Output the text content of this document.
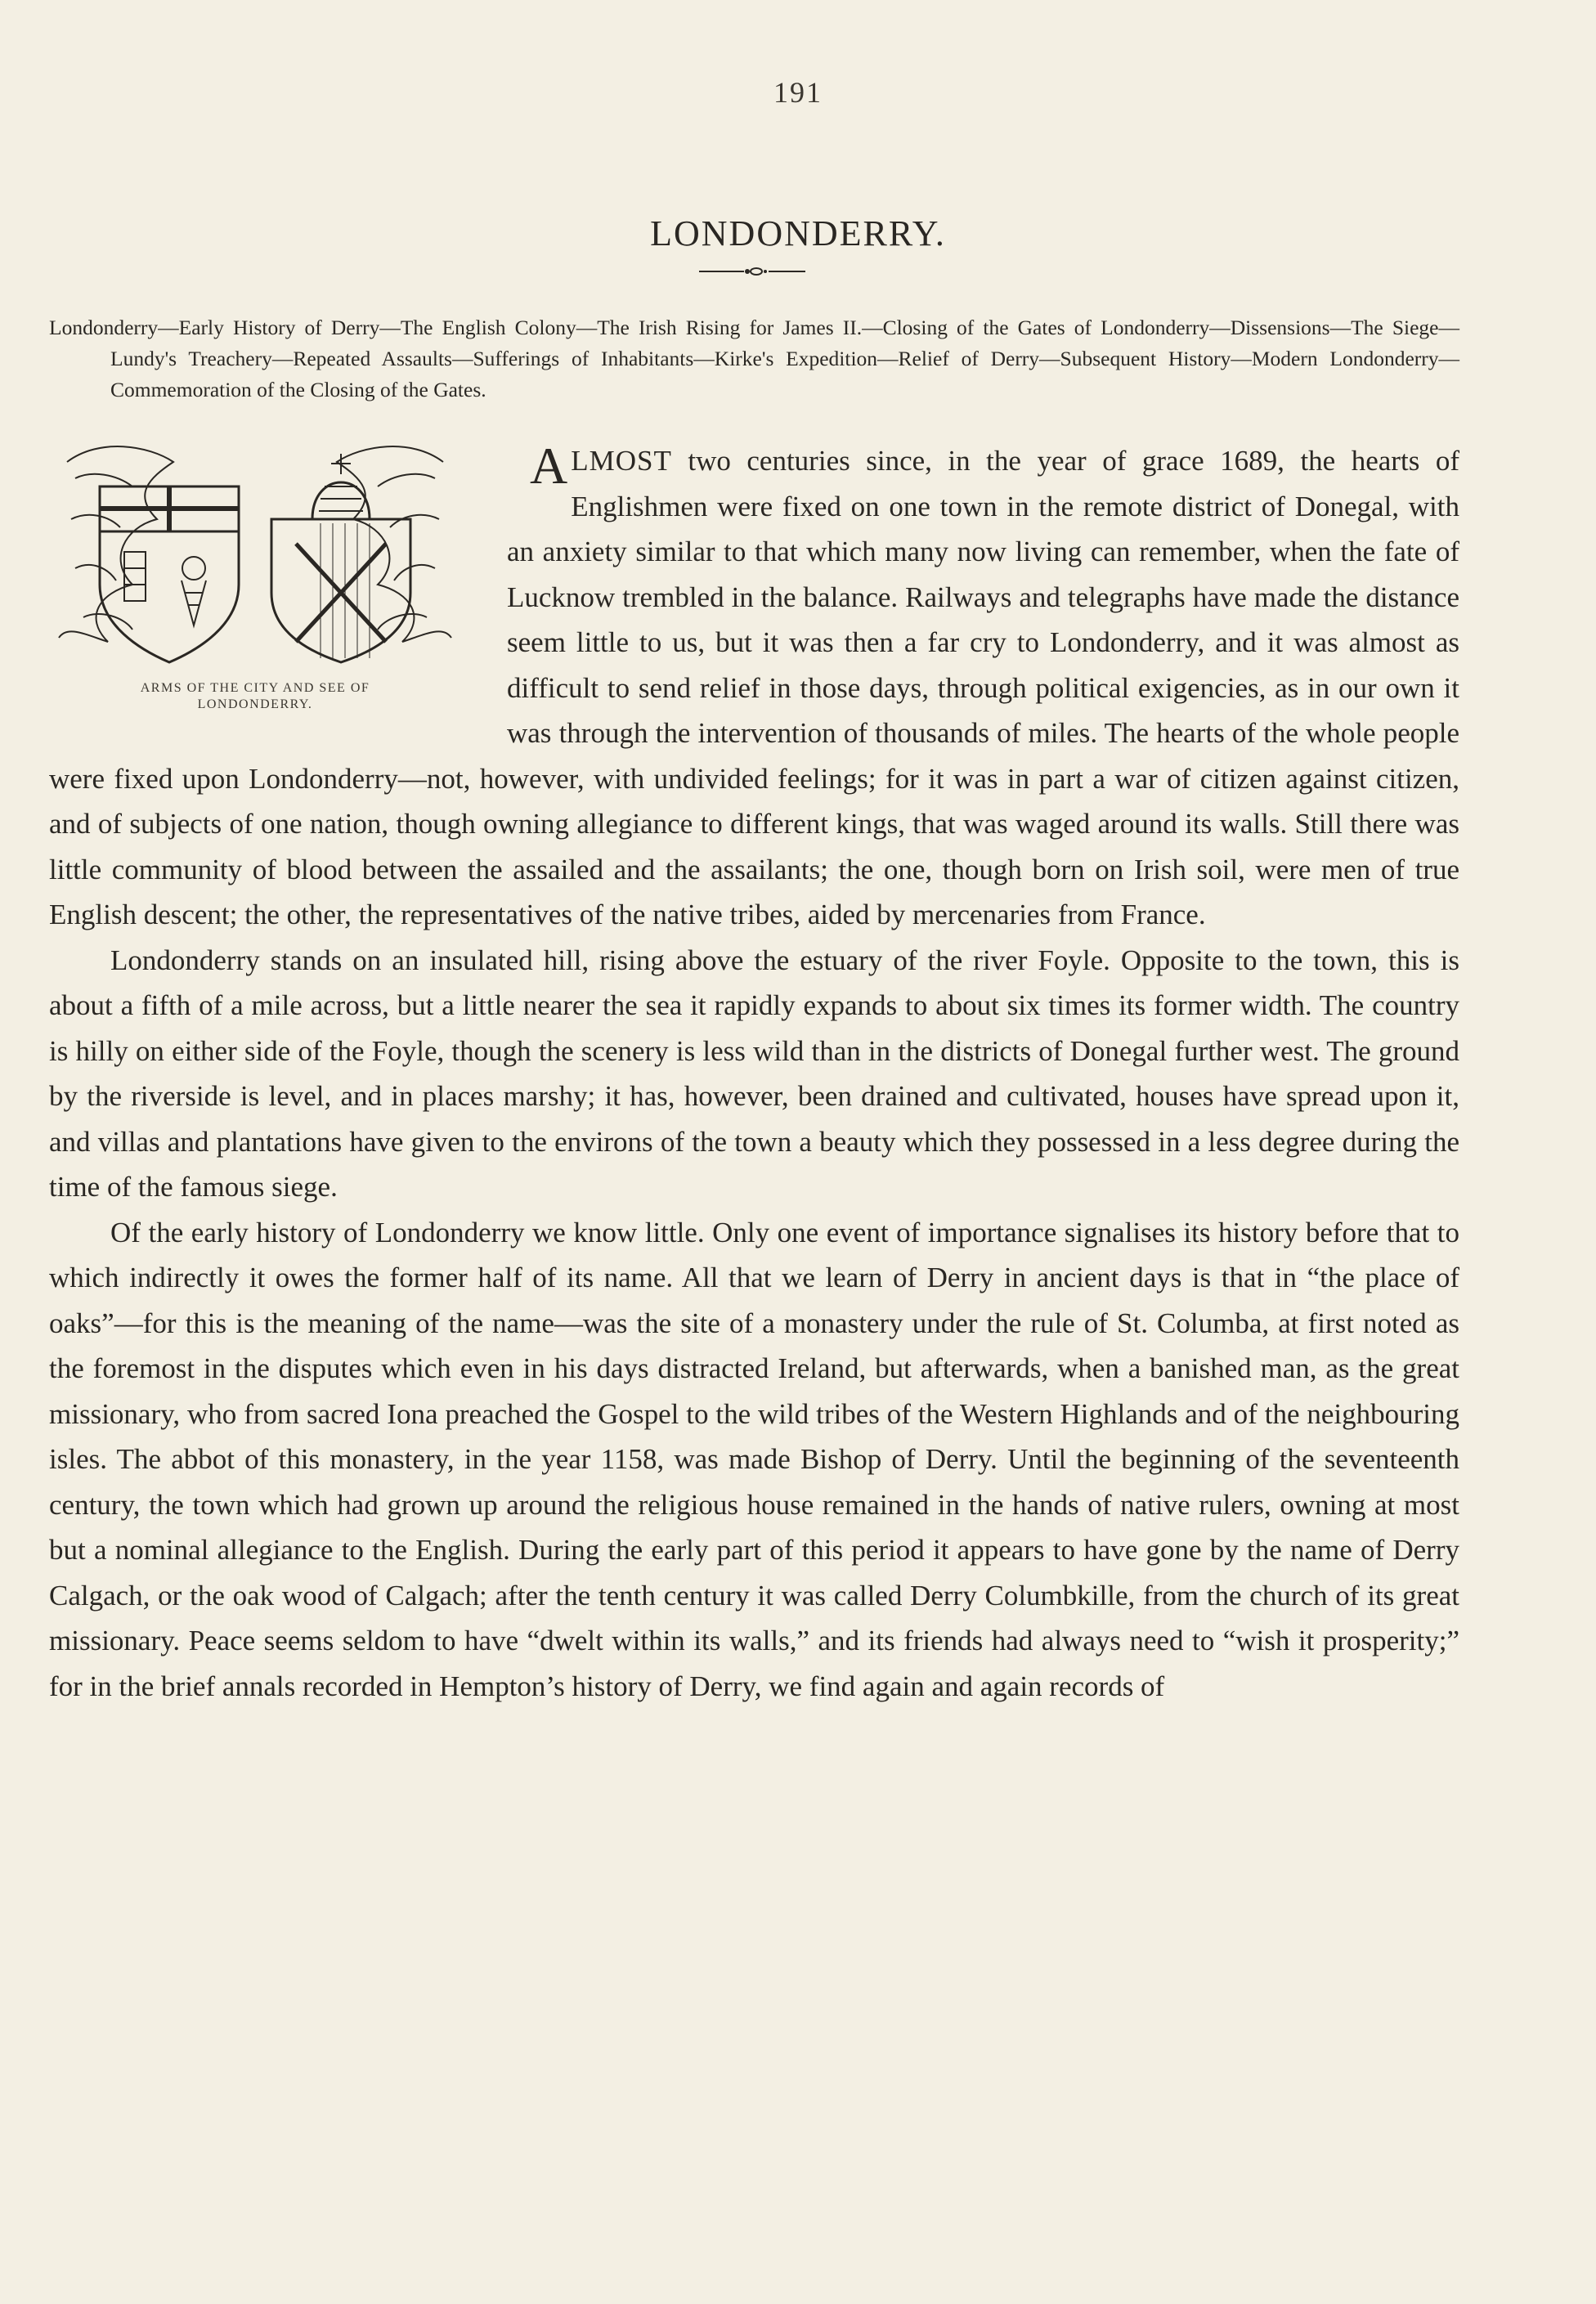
191
LONDONDERRY.

Londonderry—Early History of Derry—The English Colony—The Irish Rising for James II.—Closing of the Gates of Londonderry—Dissensions—The Siege—Lundy's Treachery—Repeated Assaults—Sufferings of Inhabitants—Kirke's Expedition—Relief of Derry—Subsequent History—Modern Londonderry—Commemoration of the Closing of the Gates.

ARMS OF THE CITY AND SEE OF
LONDONDERRY.

ALMOST two centuries since, in the year of grace 1689, the hearts of Englishmen were fixed on one town in the remote district of Donegal, with an anxiety similar to that which many now living can remember, when the fate of Lucknow trembled in the balance. Railways and telegraphs have made the distance seem little to us, but it was then a far cry to Londonderry, and it was almost as difficult to send relief in those days, through political exigencies, as in our own it was through the intervention of thousands of miles. The hearts of the whole people were fixed upon Londonderry—not, however, with undivided feelings; for it was in part a war of citizen against citizen, and of subjects of one nation, though owning allegiance to different kings, that was waged around its walls. Still there was little community of blood between the assailed and the assailants; the one, though born on Irish soil, were men of true English descent; the other, the representatives of the native tribes, aided by mercenaries from France.

Londonderry stands on an insulated hill, rising above the estuary of the river Foyle. Opposite to the town, this is about a fifth of a mile across, but a little nearer the sea it rapidly expands to about six times its former width. The country is hilly on either side of the Foyle, though the scenery is less wild than in the districts of Donegal further west. The ground by the riverside is level, and in places marshy; it has, however, been drained and cultivated, houses have spread upon it, and villas and plantations have given to the environs of the town a beauty which they possessed in a less degree during the time of the famous siege.

Of the early history of Londonderry we know little. Only one event of importance signalises its history before that to which indirectly it owes the former half of its name. All that we learn of Derry in ancient days is that in “the place of oaks”—for this is the meaning of the name—was the site of a monastery under the rule of St. Columba, at first noted as the foremost in the disputes which even in his days distracted Ireland, but afterwards, when a banished man, as the great missionary, who from sacred Iona preached the Gospel to the wild tribes of the Western Highlands and of the neighbouring isles. The abbot of this monastery, in the year 1158, was made Bishop of Derry. Until the beginning of the seventeenth century, the town which had grown up around the religious house remained in the hands of native rulers, owning at most but a nominal allegiance to the English. During the early part of this period it appears to have gone by the name of Derry Calgach, or the oak wood of Calgach; after the tenth century it was called Derry Columbkille, from the church of its great missionary. Peace seems seldom to have “dwelt within its walls,” and its friends had always need to “wish it prosperity;” for in the brief annals recorded in Hempton’s history of Derry, we find again and again records of
